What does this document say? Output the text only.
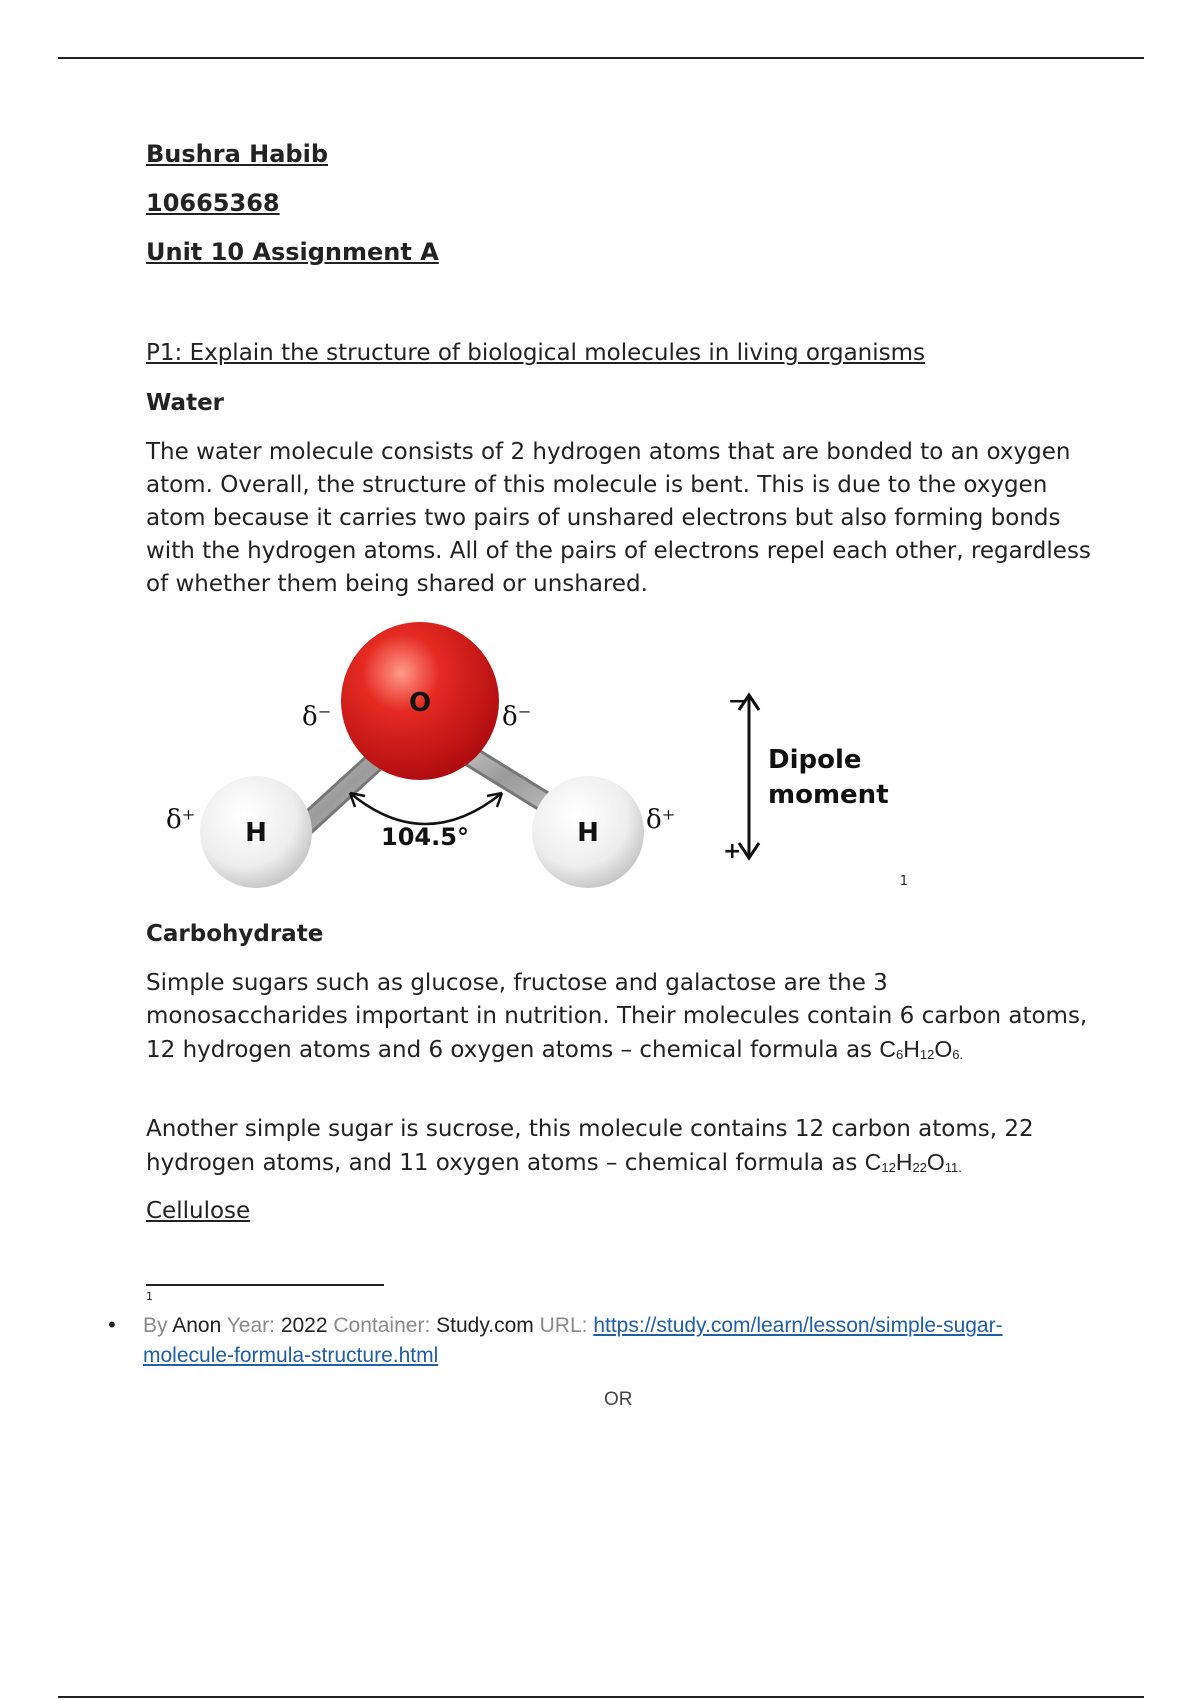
Bushra Habib
10665368
Unit 10 Assignment A
P1: Explain the structure of biological molecules in living organisms
Water

The water molecule consists of 2 hydrogen atoms that are bonded to an oxygen atom. Overall, the structure of this molecule is bent. This is due to the oxygen atom because it carries two pairs of unshared electrons but also forming bonds with the hydrogen atoms. All of the pairs of electrons repel each other, regardless of whether them being shared or unshared.

O
H	H
104.5°
δ⁻	δ⁻
δ⁺	δ⁺
−
+
Dipole
moment
1
Carbohydrate

Simple sugars such as glucose, fructose and galactose are the 3 monosaccharides important in nutrition. Their molecules contain 6 carbon atoms, 12 hydrogen atoms and 6 oxygen atoms – chemical formula as $C_6H_{12}O_{6.}$

Another simple sugar is sucrose, this molecule contains 12 carbon atoms, 22 hydrogen atoms, and 11 oxygen atoms – chemical formula as $C_{12}H_{22}O_{11.}$

Cellulose
1
• By Anon Year: 2022 Container: Study.com URL: https://study.com/learn/lesson/simple-sugar-molecule-formula-structure.html
OR
